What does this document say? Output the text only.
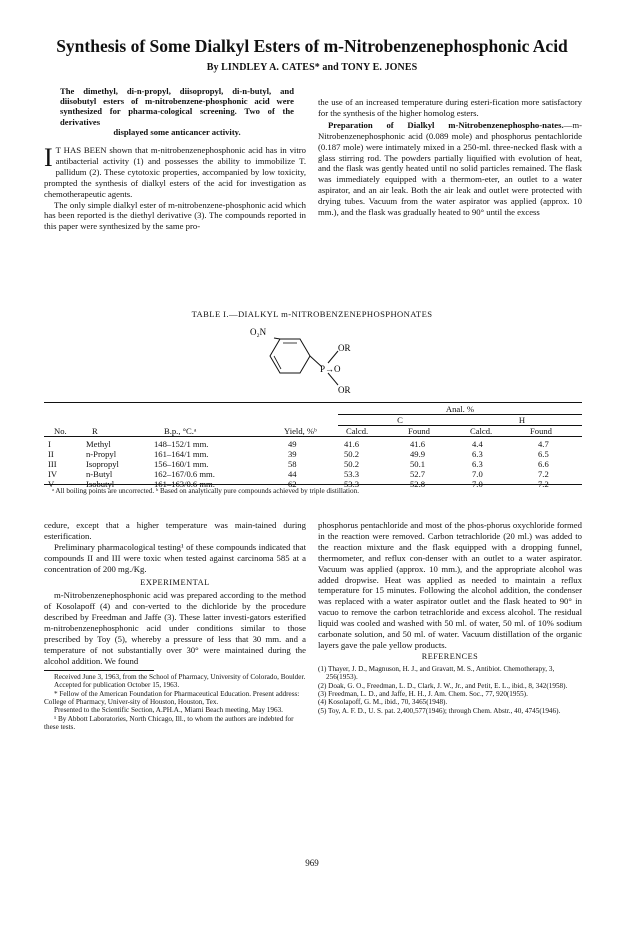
Synthesis of Some Dialkyl Esters of m-Nitrobenzenephosphonic Acid
By LINDLEY A. CATES* and TONY E. JONES

The dimethyl, di-n-propyl, diisopropyl, di-n-butyl, and diisobutyl esters of m-nitrobenzene-phosphonic acid were synthesized for pharma-cological screening. Two of the derivatives
displayed some anticancer activity.

I T HAS BEEN shown that m-nitrobenzenephosphonic acid has in vitro antibacterial activity (1) and possesses the ability to immobilize T. pallidum (2). These cytotoxic properties, accompanied by low toxicity, prompted the synthesis of dialkyl esters of the acid for investigation as chemotherapeutic agents.

The only simple dialkyl ester of m-nitrobenzene-phosphonic acid which has been reported is the diethyl derivative (3). The compounds reported in this paper were synthesized by the same pro-

the use of an increased temperature during esteri-fication more satisfactory for the synthesis of the higher homolog esters.

Preparation of Dialkyl m-Nitrobenzenephospho-nates.—m-Nitrobenzenephosphonic acid (0.089 mole) and phosphorus pentachloride (0.187 mole) were intimately mixed in a 250-ml. three-necked flask with a glass stirring rod. The powders partially liquified with evolution of heat, and the flask was gently heated until no solid particles remained. The flask was immediately equipped with a thermom-eter, an outlet to a water aspirator, and an air leak. Both the air leak and outlet were protected with drying tubes. Vacuum from the water aspirator was applied (approx. 10 mm.), and the flask was gradually heated to 90° until the excess

TABLE I.—DIALKYL m-NITROBENZENEPHOSPHONATES
O₂N
OR
P→O
OR
				Anal. %			
				C		H	
No.	R	B.p., °C.ᵃ	Yield, %ᵇ	Calcd.	Found	Calcd.	Found

I	Methyl	148–152/1 mm.	49	41.6	41.6	4.4	4.7
II	n-Propyl	161–164/1 mm.	39	50.2	49.9	6.3	6.5
III	Isopropyl	156–160/1 mm.	58	50.2	50.1	6.3	6.6
IV	n-Butyl	162–167/0.6 mm.	44	53.3	52.7	7.0	7.2
V	Isobutyl	161–163/0.6 mm.	62	53.3	52.8	7.0	7.2
ᵃ All boiling points are uncorrected. ᵇ Based on analytically pure compounds achieved by triple distillation.

cedure, except that a higher temperature was main-tained during esterification.

Preliminary pharmacological testing¹ of these compounds indicated that compounds II and III were toxic when tested against carcinoma 585 at a concentration of 200 mg./Kg.

EXPERIMENTAL

m-Nitrobenzenephosphonic acid was prepared according to the method of Kosolapoff (4) and con-verted to the dichloride by the procedure described by Freedman and Jaffe (3). These latter investi-gators esterified m-nitrobenzenephosphonic acid under conditions similar to those prescribed by Toy (5), whereby a pressure of less that 30 mm. and a temperature of not substantially over 30° were maintained during the alcohol addition. We found

Received June 3, 1963, from the School of Pharmacy, University of Colorado, Boulder.

Accepted for publication October 15, 1963.

* Fellow of the American Foundation for Pharmaceutical Education. Present address: College of Pharmacy, Univer-sity of Houston, Houston, Tex.

Presented to the Scientific Section, A.PH.A., Miami Beach meeting, May 1963.

¹ By Abbott Laboratories, North Chicago, Ill., to whom the authors are indebted for these tests.

phosphorus pentachloride and most of the phos-phorus oxychloride formed in the reaction were removed. Carbon tetrachloride (20 ml.) was added to the reaction mixture and the flask equipped with a dropping funnel, thermometer, and reflux con-denser with an outlet to a water aspirator. Vacuum was applied (approx. 10 mm.), and the appropriate alcohol was added dropwise. Heat was applied as needed to maintain a reflux temperature for 15 minutes. Following the alcohol addition, the condenser was replaced with a water aspirator outlet and the flask heated to 90° in vacuo to remove the carbon tetrachloride and excess alcohol. The residual liquid was cooled and washed with 50 ml. of water, 50 ml. of 10% sodium carbonate solution, and 50 ml. of water. Vacuum distillation of the organic layers gave the pale yellow products.

REFERENCES

(1) Thayer, J. D., Magnuson, H. J., and Gravatt, M. S., Antibiot. Chemotherapy, 3, 256(1953).

(2) Doak, G. O., Freedman, L. D., Clark, J. W., Jr., and Petit, E. L., ibid., 8, 342(1958).

(3) Freedman, L. D., and Jaffe, H. H., J. Am. Chem. Soc., 77, 920(1955).

(4) Kosolapoff, G. M., ibid., 70, 3465(1948).

(5) Toy, A. F. D., U. S. pat. 2,400,577(1946); through Chem. Abstr., 40, 4745(1946).

969
